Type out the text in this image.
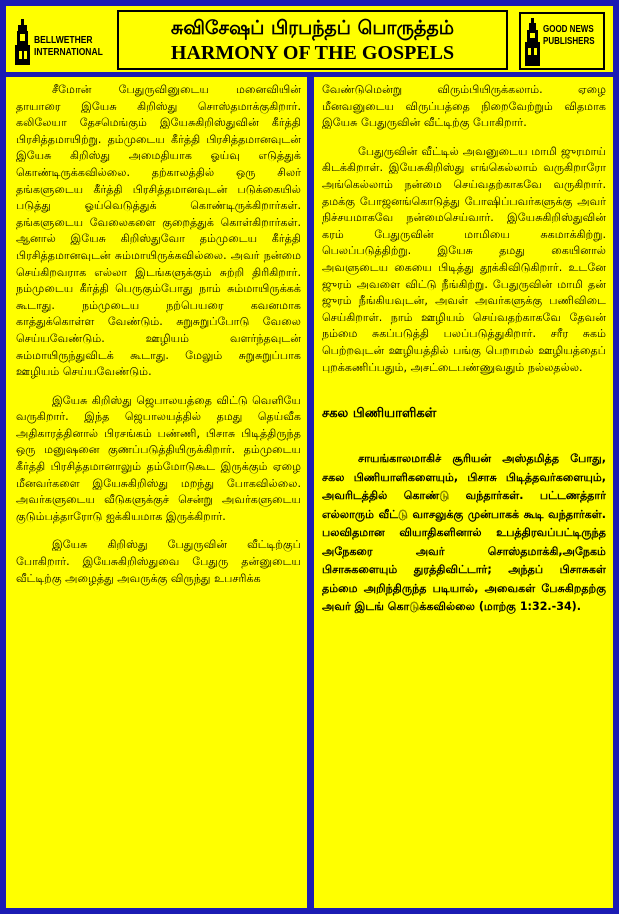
BELLWETHER
INTERNATIONAL
சுவிசேஷப் பிரபந்தப் பொருத்தம்
HARMONY OF THE GOSPELS
GOOD NEWS
PUBLISHERS

சீமோன் பேதுருவினுடைய மனைவியின் தாயாரை இயேசு கிறிஸ்து சொஸ்தமாக்குகிறார். கலிலேயா தேசமெங்கும் இயேசுகிறிஸ்துவின் கீர்த்தி பிரசித்தமாயிற்று. தம்முடைய கீர்த்தி பிரசித்தமானவுடன் இயேசு கிறிஸ்து அமைதியாக ஓய்வு எடுத்துக் கொண்டிருக்கவில்லை. தற்காலத்தில் ஒரு சிலர் தங்களுடைய கீர்த்தி பிரசித்தமானவுடன் படுக்கையில் படுத்து ஓய்வெடுத்துக் கொண்டிருக்கிறார்கள். தங்களுடைய வேலைகளை குறைத்துக் கொள்கிறார்கள். ஆனால் இயேசு கிறிஸ்துவோ தம்முடைய கீர்த்தி பிரசித்தமானவுடன் சும்மாயிருக்கவில்லை. அவர் நன்மை செய்கிறவராக எல்லா இடங்களுக்கும் சுற்றி திரிகிறார். நம்முடைய கீர்த்தி பெருகும்போது நாம் சும்மாயிருக்கக் கூடாது. நம்முடைய நற்பெயரை கவனமாக காத்துக்கொள்ள வேண்டும். சுறுசுறுப்போடு வேலை செய்யவேண்டும். ஊழியம் வளர்ந்தவுடன் சும்மாயிருந்துவிடக் கூடாது. மேலும் சுறுசுறுப்பாக ஊழியம் செய்யவேண்டும்.

இயேசு கிறிஸ்து ஜெபாலயத்தை விட்டு வெளியே வருகிறார். இந்த ஜெபாலயத்தில் தமது தெய்வீக அதிகாரத்தினால் பிரசங்கம் பண்ணி, பிசாசு பிடித்திருந்த ஒரு மனுஷனை குணப்படுத்தியிருக்கிறார். தம்முடைய கீர்த்தி பிரசித்தமானாலும் தம்மோடுகூட இருக்கும் ஏழை மீனவர்களை இயேசுகிறிஸ்து மறந்து போகவில்லை. அவர்களுடைய வீடுகளுக்குச் சென்று அவர்களுடைய குடும்பத்தாரோடு ஐக்கியமாக இருக்கிறார்.

இயேசு கிறிஸ்து பேதுருவின் வீட்டிற்குப் போகிறார். இயேசுகிறிஸ்துவை பேதுரு தன்னுடைய வீட்டிற்கு அழைத்து அவருக்கு விருந்து உபசரிக்க

வேண்டுமென்று விரும்பியிருக்கலாம். ஏழை மீனவனுடைய விருப்பத்தை நிறைவேற்றும் விதமாக இயேசு பேதுருவின் வீட்டிற்கு போகிறார்.

பேதுருவின் வீட்டில் அவனுடைய மாமி ஜுரமாய் கிடக்கிறாள். இயேசுகிறிஸ்து எங்கெல்லாம் வருகிறாரோ அங்கெல்லாம் நன்மை செய்வதற்காகவே வருகிறார். தமக்கு போஜனங்கொடுத்து போஷிப்பவர்களுக்கு அவர் நிச்சயமாகவே நன்மைசெய்வார். இயேசுகிறிஸ்துவின் கரம் பேதுருவின் மாமியை சுகமாக்கிற்று. பெலப்படுத்திற்று. இயேசு தமது கையினால் அவளுடைய கையை பிடித்து தூக்கிவிடுகிறார். உடனே ஜுரம் அவளை விட்டு நீங்கிற்று. பேதுருவின் மாமி தன் ஜுரம் நீங்கியவுடன், அவள் அவர்களுக்கு பணிவிடை செய்கிறாள். நாம் ஊழியம் செய்வதற்காகவே தேவன் நம்மை சுகப்படுத்தி பலப்படுத்துகிறார். சரீர சுகம் பெற்றவுடன் ஊழியத்தில் பங்கு பெறாமல் ஊழியத்தைப் புறக்கணிப்பதும், அசட்டைபண்ணுவதும் நல்லதல்ல.

சகல பிணியாளிகள்

சாயங்காலமாகிச் சூரியன் அஸ்தமித்த போது, சகல பிணியாளிகளையும், பிசாசு பிடித்தவர்களையும், அவரிடத்தில் கொண்டு வந்தார்கள். பட்டணத்தார் எல்லாரும் வீட்டு வாசலுக்கு முன்பாகக் கூடி வந்தார்கள். பலவிதமான வியாதிகளினால் உபத்திரவப்பட்டிருந்த அநேகரை அவர் சொஸ்தமாக்கி,அநேகம் பிசாசுகளையும் துரத்திவிட்டார்; அந்தப் பிசாசுகள் தம்மை அறிந்திருந்த படியால், அவைகள் பேசுகிறதற்கு அவர் இடங் கொடுக்கவில்லை (மாற்கு 1:32.-34).
